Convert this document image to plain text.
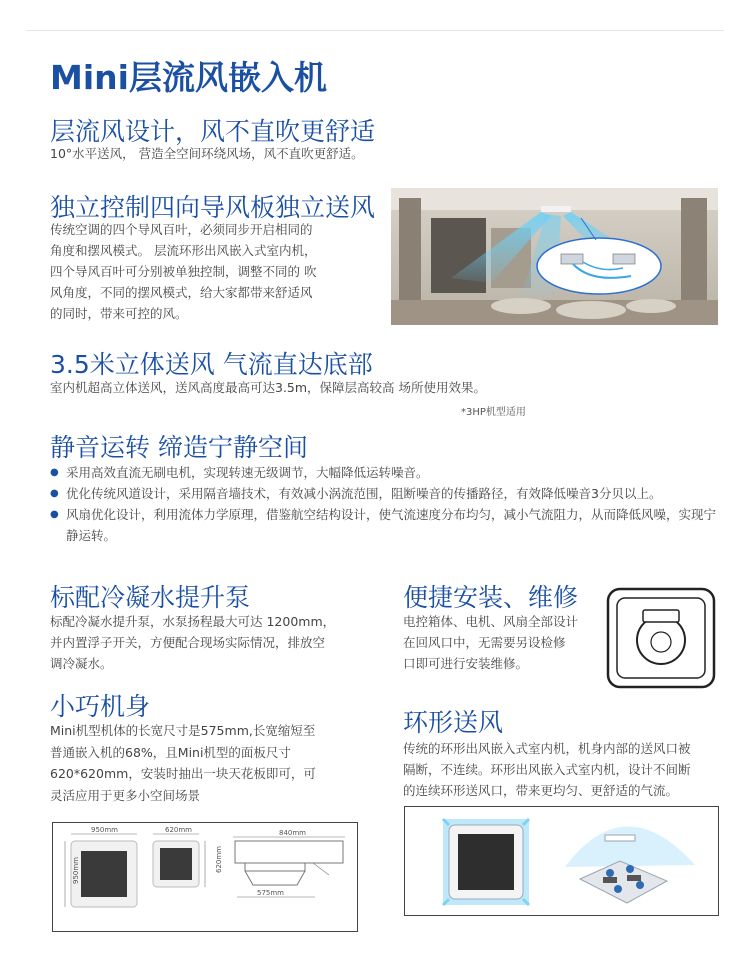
Mini层流风嵌入机
层流风设计，风不直吹更舒适
10°水平送风， 营造全空间环绕风场，风不直吹更舒适。
独立控制四向导风板独立送风
传统空调的四个导风百叶，必须同步开启相同的
角度和摆风模式。 层流环形出风嵌入式室内机，
四个导风百叶可分别被单独控制，调整不同的 吹
风角度，不同的摆风模式，给大家都带来舒适风
的同时，带来可控的风。
3.5米立体送风 气流直达底部
室内机超高立体送风，送风高度最高可达3.5m，保障层高较高 场所使用效果。
*3HP机型适用
静音运转 缔造宁静空间
● 采用高效直流无刷电机，实现转速无级调节，大幅降低运转噪音。
● 优化传统风道设计，采用隔音墙技术，有效减小涡流范围，阻断噪音的传播路径，有效降低噪音3分贝以上。
● 风扇优化设计，利用流体力学原理，借鉴航空结构设计，使气流速度分布均匀，减小气流阻力，从而降低风噪，实现宁静运转。
标配冷凝水提升泵
标配冷凝水提升泵，水泵扬程最大可达 1200mm，
并内置浮子开关，方便配合现场实际情况，排放空
调冷凝水。
便捷安装、维修
电控箱体、电机、风扇全部设计
在回风口中，无需要另设检修
口即可进行安装维修。
小巧机身
Mini机型机体的长宽尺寸是575mm,长宽缩短至
普通嵌入机的68%，且Mini机型的面板尺寸
620*620mm，安装时抽出一块天花板即可，可
灵活应用于更多小空间场景
950mm
950mm
620mm
620mm
840mm
575mm
环形送风
传统的环形出风嵌入式室内机，机身内部的送风口被
隔断，不连续。环形出风嵌入式室内机，设计不间断
的连续环形送风口，带来更均匀、更舒适的气流。
